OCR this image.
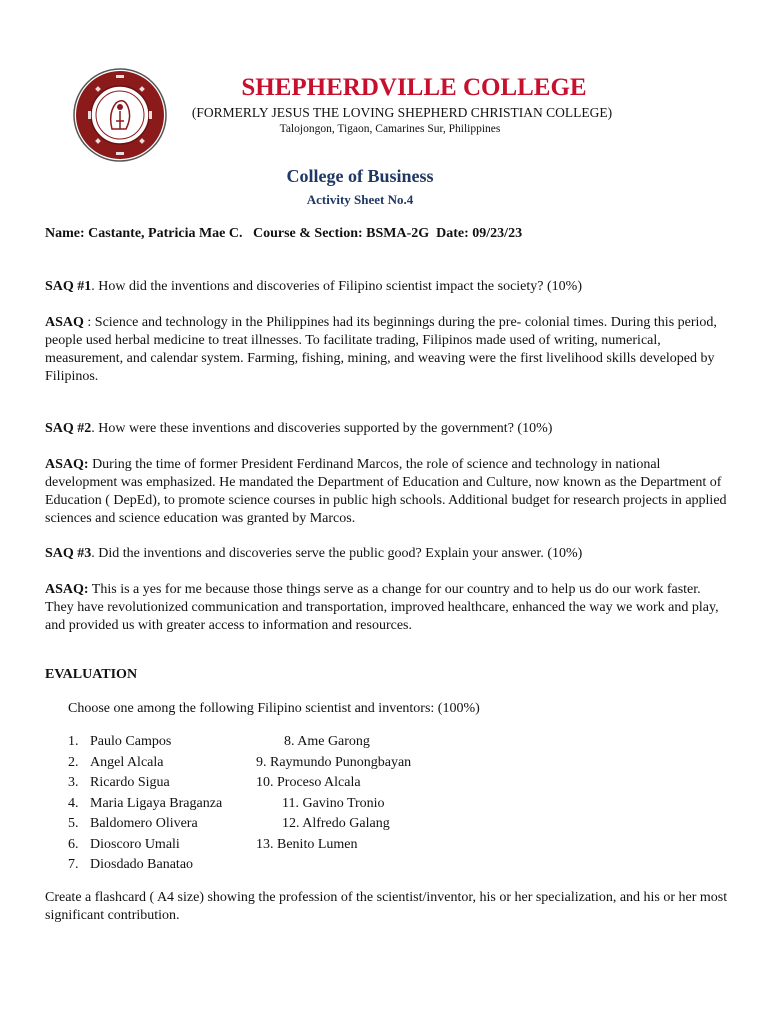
SHEPHERDVILLE COLLEGE
(FORMERLY JESUS THE LOVING SHEPHERD CHRISTIAN COLLEGE)
Talojongon, Tigaon, Camarines Sur, Philippines
College of Business
Activity Sheet No.4
Name: Castante, Patricia Mae C.   Course & Section: BSMA-2G  Date: 09/23/23
SAQ #1. How did the inventions and discoveries of Filipino scientist impact the society? (10%)
ASAQ : Science and technology in the Philippines had its beginnings during the pre- colonial times. During this period, people used herbal medicine to treat illnesses. To facilitate trading, Filipinos made used of writing, numerical, measurement, and calendar system. Farming, fishing, mining, and weaving were the first livelihood skills developed by Filipinos.
SAQ #2. How were these inventions and discoveries supported by the government? (10%)
ASAQ: During the time of former President Ferdinand Marcos, the role of science and technology in national development was emphasized. He mandated the Department of Education and Culture, now known as the Department of Education ( DepEd), to promote science courses in public high schools. Additional budget for research projects in applied sciences and science education was granted by Marcos.
SAQ #3. Did the inventions and discoveries serve the public good? Explain your answer. (10%)
ASAQ: This is a yes for me because those things serve as a change for our country and to help us do our work faster. They have revolutionized communication and transportation, improved healthcare, enhanced the way we work and play, and provided us with greater access to information and resources.
EVALUATION
Choose one among the following Filipino scientist and inventors: (100%)
1. Paulo Campos
2. Angel Alcala
3. Ricardo Sigua
4. Maria Ligaya Braganza
5. Baldomero Olivera
6. Dioscoro Umali
7. Diosdado Banatao
8. Ame Garong
9. Raymundo Punongbayan
10. Proceso Alcala
11. Gavino Tronio
12. Alfredo Galang
13. Benito Lumen
Create a flashcard ( A4 size) showing the profession of the scientist/inventor, his or her specialization, and his or her most significant contribution.
